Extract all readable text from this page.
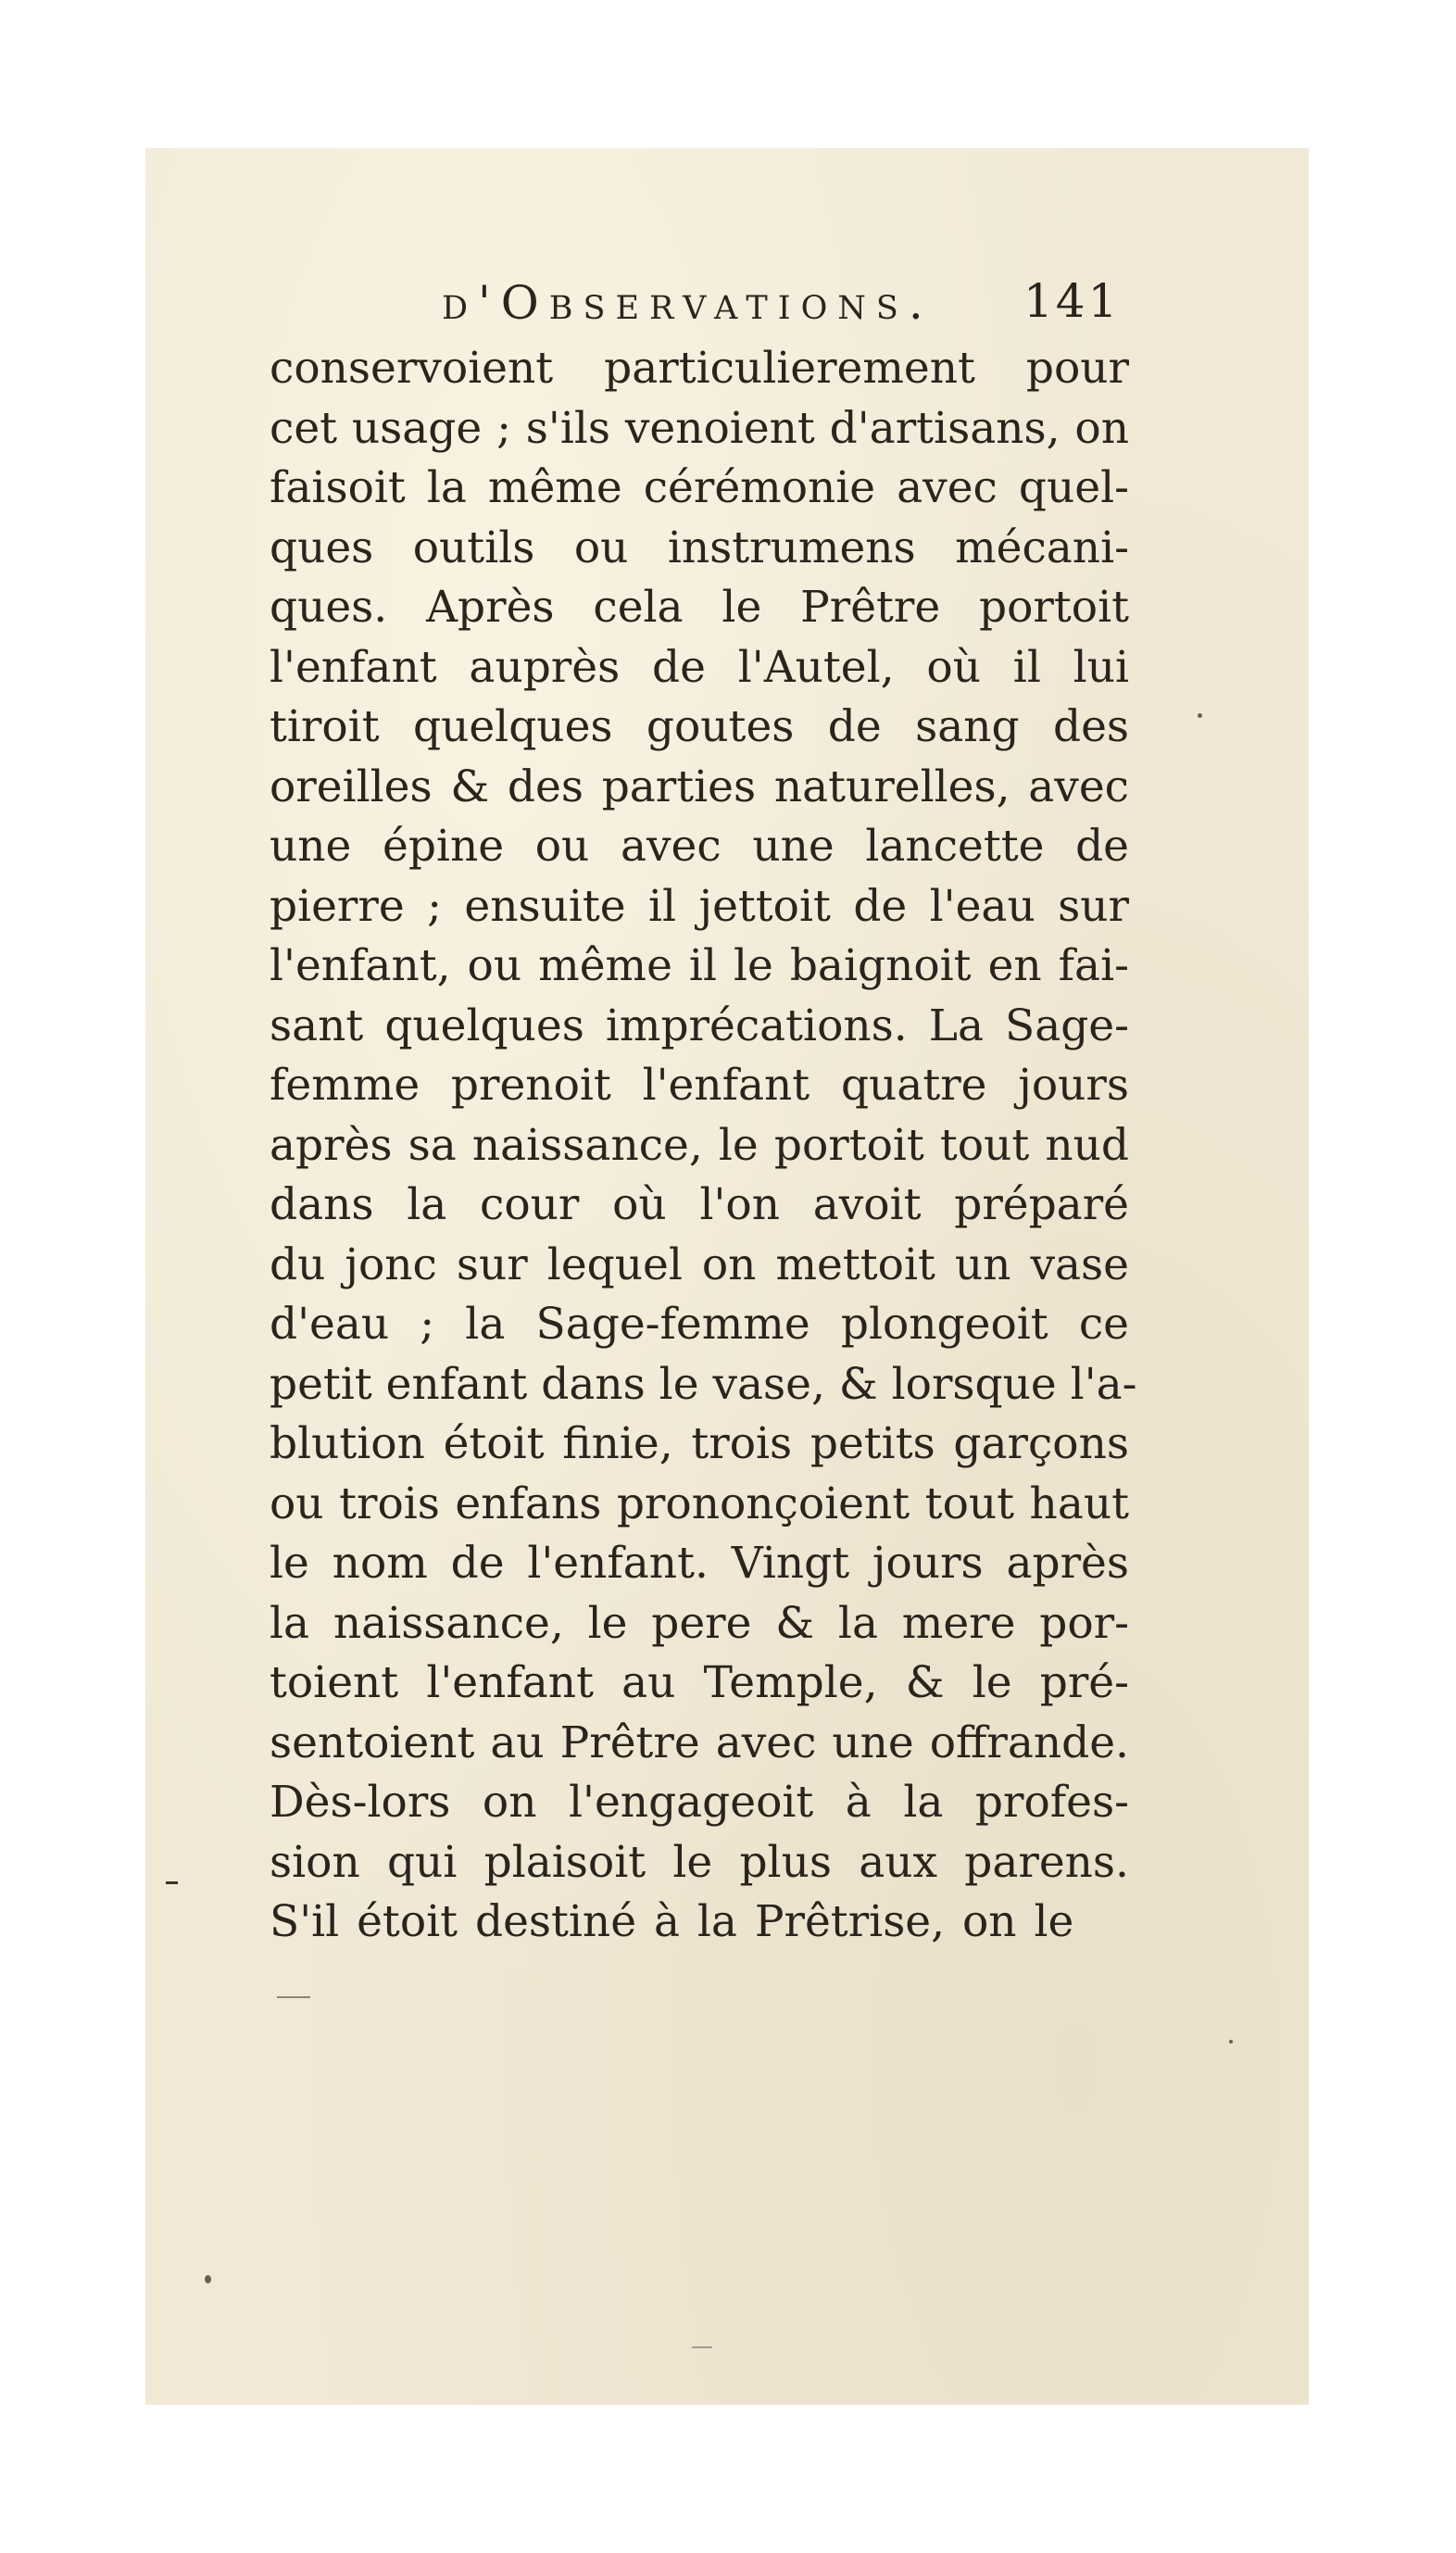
d'Observations. 141
conservoient particulierement pour
cet usage ; s'ils venoient d'artisans, on
faisoit la même cérémonie avec quel-
ques outils ou instrumens mécani-
ques. Après cela le Prêtre portoit
l'enfant auprès de l'Autel, où il lui
tiroit quelques goutes de sang des
oreilles & des parties naturelles, avec
une épine ou avec une lancette de
pierre ; ensuite il jettoit de l'eau sur
l'enfant, ou même il le baignoit en fai-
sant quelques imprécations. La Sage-
femme prenoit l'enfant quatre jours
après sa naissance, le portoit tout nud
dans la cour où l'on avoit préparé
du jonc sur lequel on mettoit un vase
d'eau ; la Sage-femme plongeoit ce
petit enfant dans le vase, & lorsque l'a-
blution étoit finie, trois petits garçons
ou trois enfans prononçoient tout haut
le nom de l'enfant. Vingt jours après
la naissance, le pere & la mere por-
toient l'enfant au Temple, & le pré-
sentoient au Prêtre avec une offrande.
Dès-lors on l'engageoit à la profes-
sion qui plaisoit le plus aux parens.
S'il étoit destiné à la Prêtrise, on le
